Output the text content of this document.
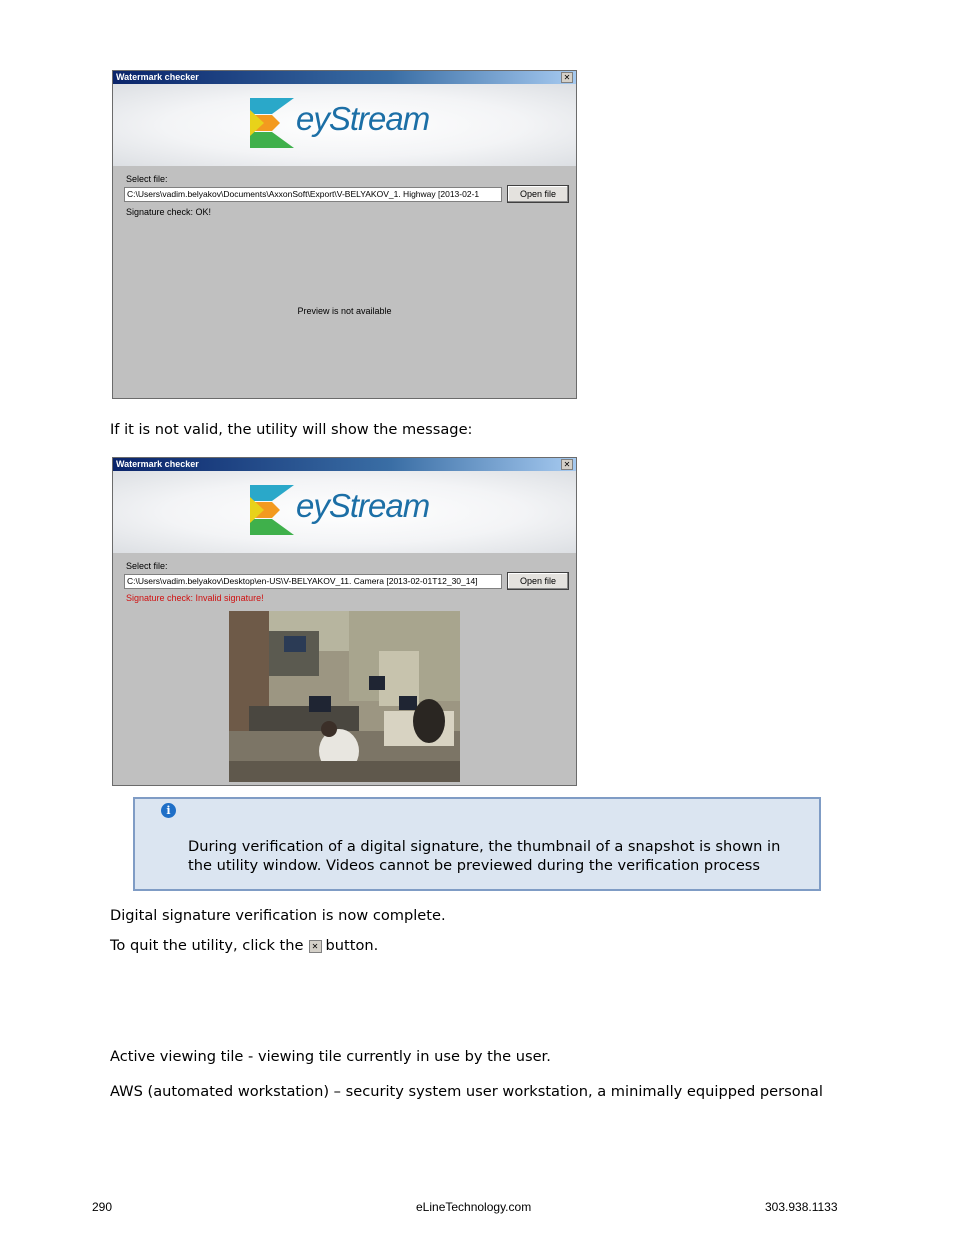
Watermark checker	✕
eyStream
Select file:
C:\Users\vadim.belyakov\Documents\AxxonSoft\Export\V-BELYAKOV_1. Highway [2013-02-1	Open file
Signature check: OK!
Preview is not available
If it is not valid, the utility will show the message:
Watermark checker	✕
eyStream
Select file:
C:\Users\vadim.belyakov\Desktop\en-US\V-BELYAKOV_11. Camera [2013-02-01T12_30_14]	Open file
Signature check: Invalid signature!
i
During verification of a digital signature, the thumbnail of a snapshot is shown in
the utility window. Videos cannot be previewed during the verification process
Digital signature verification is now complete.
To quit the utility, click the ✕ button.
Active viewing tile - viewing tile currently in use by the user.
AWS (automated workstation) – security system user workstation, a minimally equipped personal
290	eLineTechnology.com	303.938.1133
